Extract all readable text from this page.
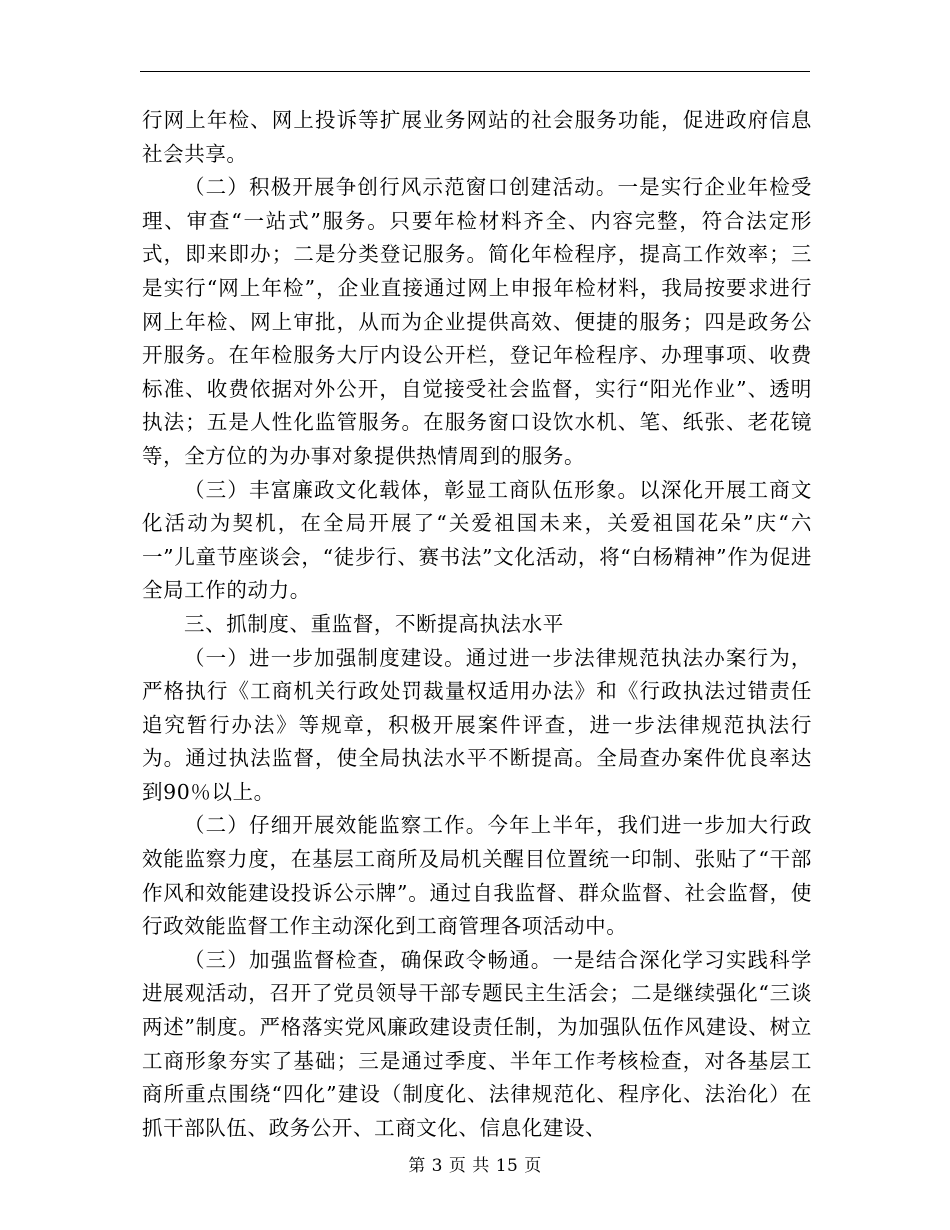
行网上年检、网上投诉等扩展业务网站的社会服务功能，促进政府信息社会共享。

（二）积极开展争创行风示范窗口创建活动。一是实行企业年检受理、审查“一站式”服务。只要年检材料齐全、内容完整，符合法定形式，即来即办；二是分类登记服务。简化年检程序，提高工作效率；三是实行“网上年检”，企业直接通过网上申报年检材料，我局按要求进行网上年检、网上审批，从而为企业提供高效、便捷的服务；四是政务公开服务。在年检服务大厅内设公开栏，登记年检程序、办理事项、收费标准、收费依据对外公开，自觉接受社会监督，实行“阳光作业”、透明执法；五是人性化监管服务。在服务窗口设饮水机、笔、纸张、老花镜等，全方位的为办事对象提供热情周到的服务。

（三）丰富廉政文化载体，彰显工商队伍形象。以深化开展工商文化活动为契机，在全局开展了“关爱祖国未来，关爱祖国花朵”庆“六一”儿童节座谈会，“徒步行、赛书法”文化活动，将“白杨精神”作为促进全局工作的动力。

三、抓制度、重监督，不断提高执法水平

（一）进一步加强制度建设。通过进一步法律规范执法办案行为，严格执行《工商机关行政处罚裁量权适用办法》和《行政执法过错责任追究暂行办法》等规章，积极开展案件评查，进一步法律规范执法行为。通过执法监督，使全局执法水平不断提高。全局查办案件优良率达到90％以上。

（二）仔细开展效能监察工作。今年上半年，我们进一步加大行政效能监察力度，在基层工商所及局机关醒目位置统一印制、张贴了“干部作风和效能建设投诉公示牌”。通过自我监督、群众监督、社会监督，使行政效能监督工作主动深化到工商管理各项活动中。

（三）加强监督检查，确保政令畅通。一是结合深化学习实践科学进展观活动，召开了党员领导干部专题民主生活会；二是继续强化“三谈两述”制度。严格落实党风廉政建设责任制，为加强队伍作风建设、树立工商形象夯实了基础；三是通过季度、半年工作考核检查，对各基层工商所重点围绕“四化”建设（制度化、法律规范化、程序化、法治化）在抓干部队伍、政务公开、工商文化、信息化建设、

第 3 页 共 15 页
